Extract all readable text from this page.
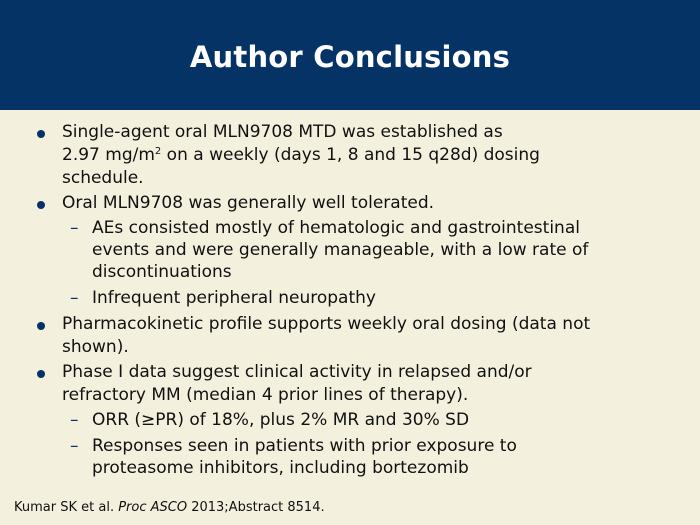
Author Conclusions
Single-agent oral MLN9708 MTD was established as
2.97 $mg/m^2$ on a weekly (days 1, 8 and 15 q28d) dosing
schedule.
Oral MLN9708 was generally well tolerated.
– AEs consisted mostly of hematologic and gastrointestinal events and were generally manageable, with a low rate of discontinuations
– Infrequent peripheral neuropathy
Pharmacokinetic profile supports weekly oral dosing (data not shown).
Phase I data suggest clinical activity in relapsed and/or refractory MM (median 4 prior lines of therapy).
– ORR (≥PR) of 18%, plus 2% MR and 30% SD
– Responses seen in patients with prior exposure to proteasome inhibitors, including bortezomib
Kumar SK et al. Proc ASCO 2013;Abstract 8514.
